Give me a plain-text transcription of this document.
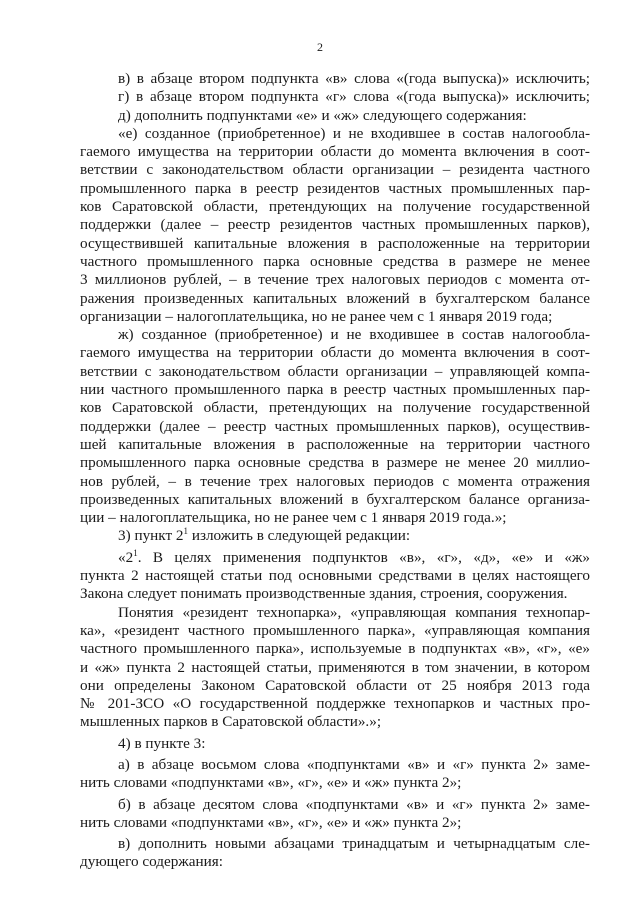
2
в) в абзаце втором подпункта «в» слова «(года выпуска)» исключить;
г) в абзаце втором подпункта «г» слова «(года выпуска)» исключить;
д) дополнить подпунктами «е» и «ж» следующего содержания:
«е) созданное (приобретенное) и не входившее в состав налогообла-
гаемого имущества на территории области до момента включения в соот-
ветствии с законодательством области организации – резидента частного
промышленного парка в реестр резидентов частных промышленных пар-
ков Саратовской области, претендующих на получение государственной
поддержки (далее – реестр резидентов частных промышленных парков),
осуществившей капитальные вложения в расположенные на территории
частного промышленного парка основные средства в размере не менее
3 миллионов рублей, – в течение трех налоговых периодов с момента от-
ражения произведенных капитальных вложений в бухгалтерском балансе
организации – налогоплательщика, но не ранее чем с 1 января 2019 года;
ж) созданное (приобретенное) и не входившее в состав налогообла-
гаемого имущества на территории области до момента включения в соот-
ветствии с законодательством области организации – управляющей компа-
нии частного промышленного парка в реестр частных промышленных пар-
ков Саратовской области, претендующих на получение государственной
поддержки (далее – реестр частных промышленных парков), осуществив-
шей капитальные вложения в расположенные на территории частного
промышленного парка основные средства в размере не менее 20 миллио-
нов рублей, – в течение трех налоговых периодов с момента отражения
произведенных капитальных вложений в бухгалтерском балансе организа-
ции – налогоплательщика, но не ранее чем с 1 января 2019 года.»;
3) пункт $2^1$ изложить в следующей редакции:
«$2^1$. В целях применения подпунктов «в», «г», «д», «е» и «ж»
пункта 2 настоящей статьи под основными средствами в целях настоящего
Закона следует понимать производственные здания, строения, сооружения.
Понятия «резидент технопарка», «управляющая компания технопар-
ка», «резидент частного промышленного парка», «управляющая компания
частного промышленного парка», используемые в подпунктах «в», «г», «е»
и «ж» пункта 2 настоящей статьи, применяются в том значении, в котором
они определены Законом Саратовской области от 25 ноября 2013 года
№ 201-ЗСО «О государственной поддержке технопарков и частных про-
мышленных парков в Саратовской области».»;
4) в пункте 3:
а) в абзаце восьмом слова «подпунктами «в» и «г» пункта 2» заме-
нить словами «подпунктами «в», «г», «е» и «ж» пункта 2»;
б) в абзаце десятом слова «подпунктами «в» и «г» пункта 2» заме-
нить словами «подпунктами «в», «г», «е» и «ж» пункта 2»;
в) дополнить новыми абзацами тринадцатым и четырнадцатым сле-
дующего содержания:
